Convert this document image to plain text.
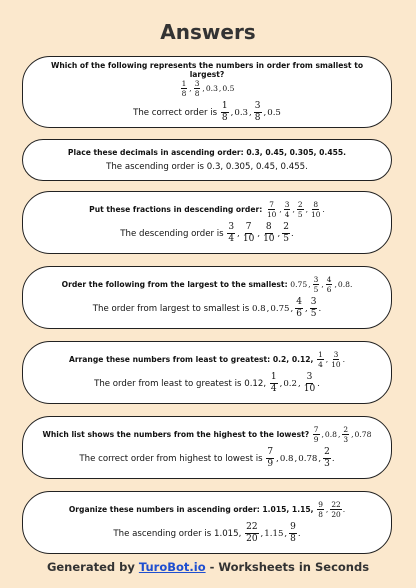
Answers
Which of the following represents the numbers in order from smallest to largest?
$\frac{1}{8}$ , $\frac{3}{8}$ , 0.3 , 0.5
The correct order is
$\frac{1}{8}$ , 0.3 , $\frac{3}{8}$ , 0.5
Place these decimals in ascending order: 0.3, 0.45, 0.305, 0.455.
The ascending order is 0.3, 0.305, 0.45, 0.455.
Put these fractions in descending order:
$\frac{7}{10}$ , $\frac{3}{4}$ , $\frac{2}{5}$ , $\frac{8}{10}$ .
The descending order is
$\frac{3}{4}$ , $\frac{7}{10}$ , $\frac{8}{10}$ , $\frac{2}{5}$ .
Order the following from the largest to the smallest:
0.75 , $\frac{3}{5}$ , $\frac{4}{6}$ , 0.8 .
The order from largest to smallest is
0.8 , 0.75 , $\frac{4}{6}$ , $\frac{3}{5}$ .
Arrange these numbers from least to greatest: 0.2, 0.12,
$\frac{1}{4}$ , $\frac{3}{10}$ .
The order from least to greatest is 0.12,
$\frac{1}{4}$ , 0.2 , $\frac{3}{10}$ .
Which list shows the numbers from the highest to the lowest?
$\frac{7}{9}$ , 0.8 , $\frac{2}{3}$ , 0.78
The correct order from highest to lowest is
$\frac{7}{9}$ , 0.8 , 0.78 , $\frac{2}{3}$ .
Organize these numbers in ascending order: 1.015, 1.15,
$\frac{9}{8}$ , $\frac{22}{20}$ .
The ascending order is 1.015,
$\frac{22}{20}$ , 1.15 , $\frac{9}{8}$ .
Generated by TuroBot.io - Worksheets in Seconds
